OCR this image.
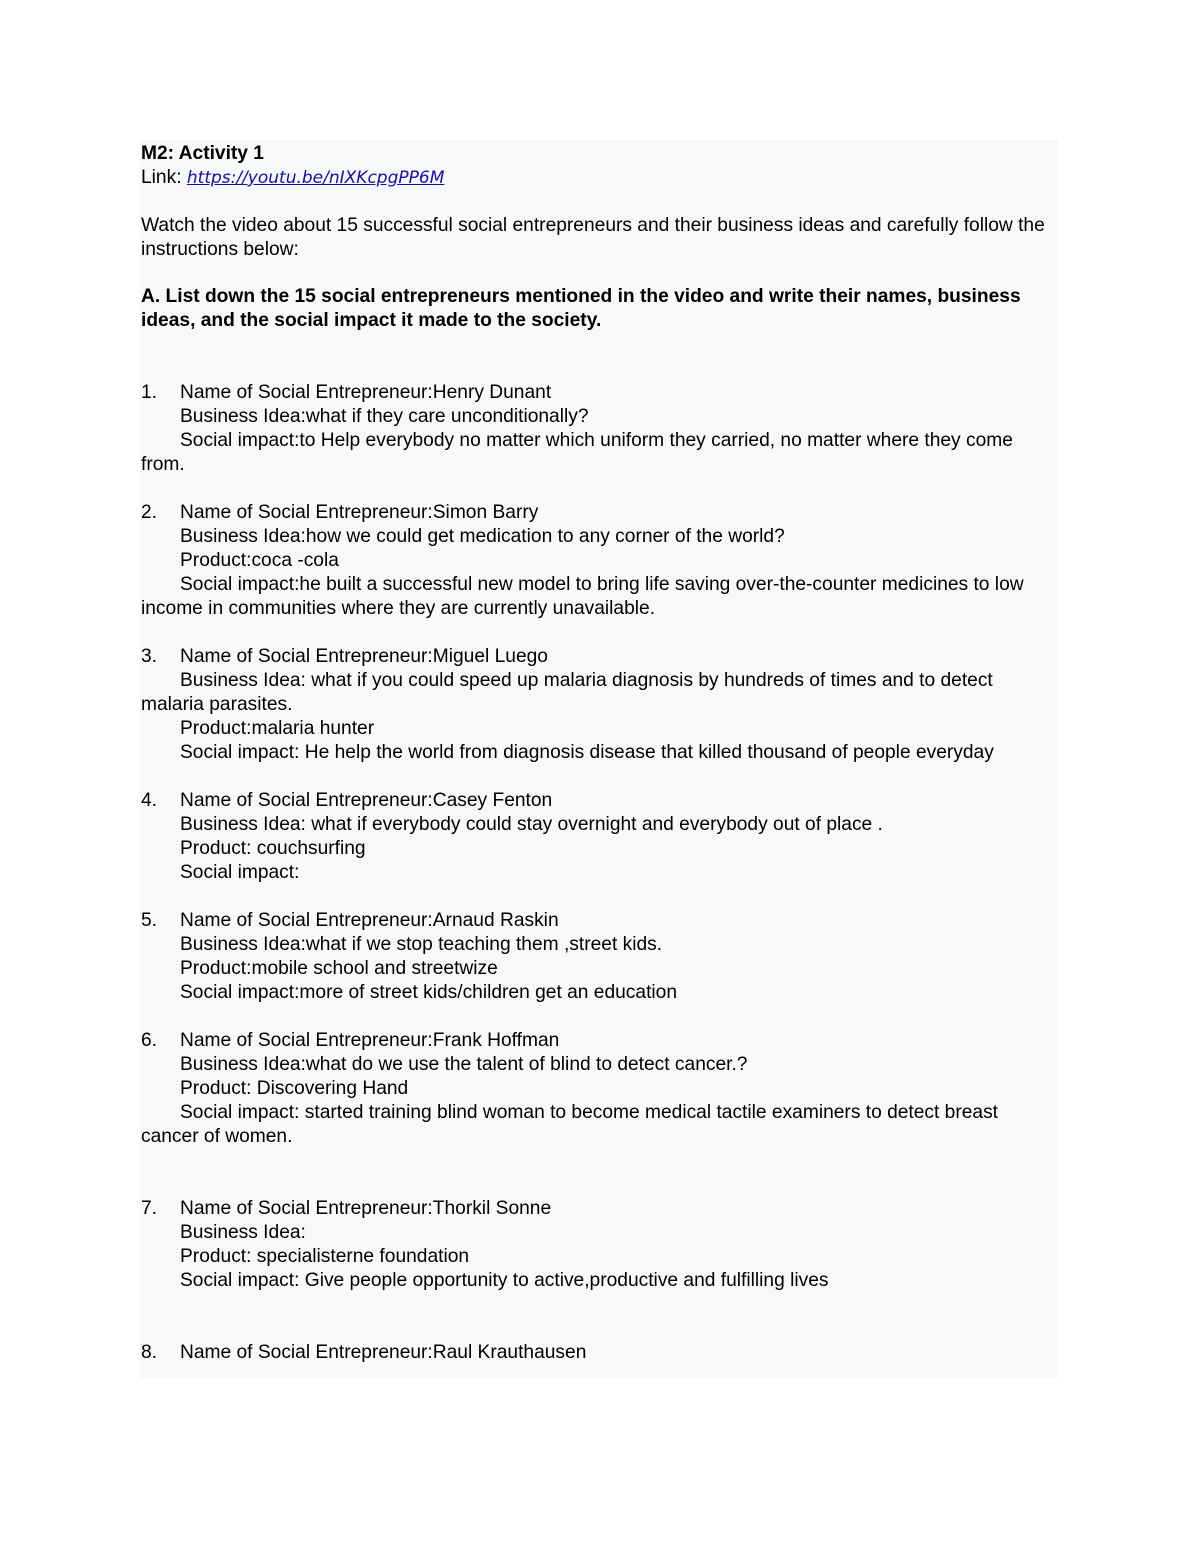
M2: Activity 1

Link: https://youtu.be/nIXKcpgPP6M

Watch the video about 15 successful social entrepreneurs and their business ideas and carefully follow the instructions below:

A. List down the 15 social entrepreneurs mentioned in the video and write their names, business ideas, and the social impact it made to the society.

1. Name of Social Entrepreneur:Henry Dunant

Business Idea:what if they care unconditionally?

Social impact:to Help everybody no matter which uniform they carried, no matter where they come from.

2. Name of Social Entrepreneur:Simon Barry

Business Idea:how we could get medication to any corner of the world?

Product:coca -cola

Social impact:he built a successful new model to bring life saving over-the-counter medicines to low income in communities where they are currently unavailable.

3. Name of Social Entrepreneur:Miguel Luego

Business Idea: what if you could speed up malaria diagnosis by hundreds of times and to detect malaria parasites.

Product:malaria hunter

Social impact: He help the world from diagnosis disease that killed thousand of people everyday

4. Name of Social Entrepreneur:Casey Fenton

Business Idea: what if everybody could stay overnight and everybody out of place .

Product: couchsurfing

Social impact:

5. Name of Social Entrepreneur:Arnaud Raskin

Business Idea:what if we stop teaching them ,street kids.

Product:mobile school and streetwize

Social impact:more of street kids/children get an education

6. Name of Social Entrepreneur:Frank Hoffman

Business Idea:what do we use the talent of blind to detect cancer.?

Product: Discovering Hand

Social impact: started training blind woman to become medical tactile examiners to detect breast cancer of women.

7. Name of Social Entrepreneur:Thorkil Sonne

Business Idea:

Product: specialisterne foundation

Social impact: Give people opportunity to active,productive and fulfilling lives

8. Name of Social Entrepreneur:Raul Krauthausen
